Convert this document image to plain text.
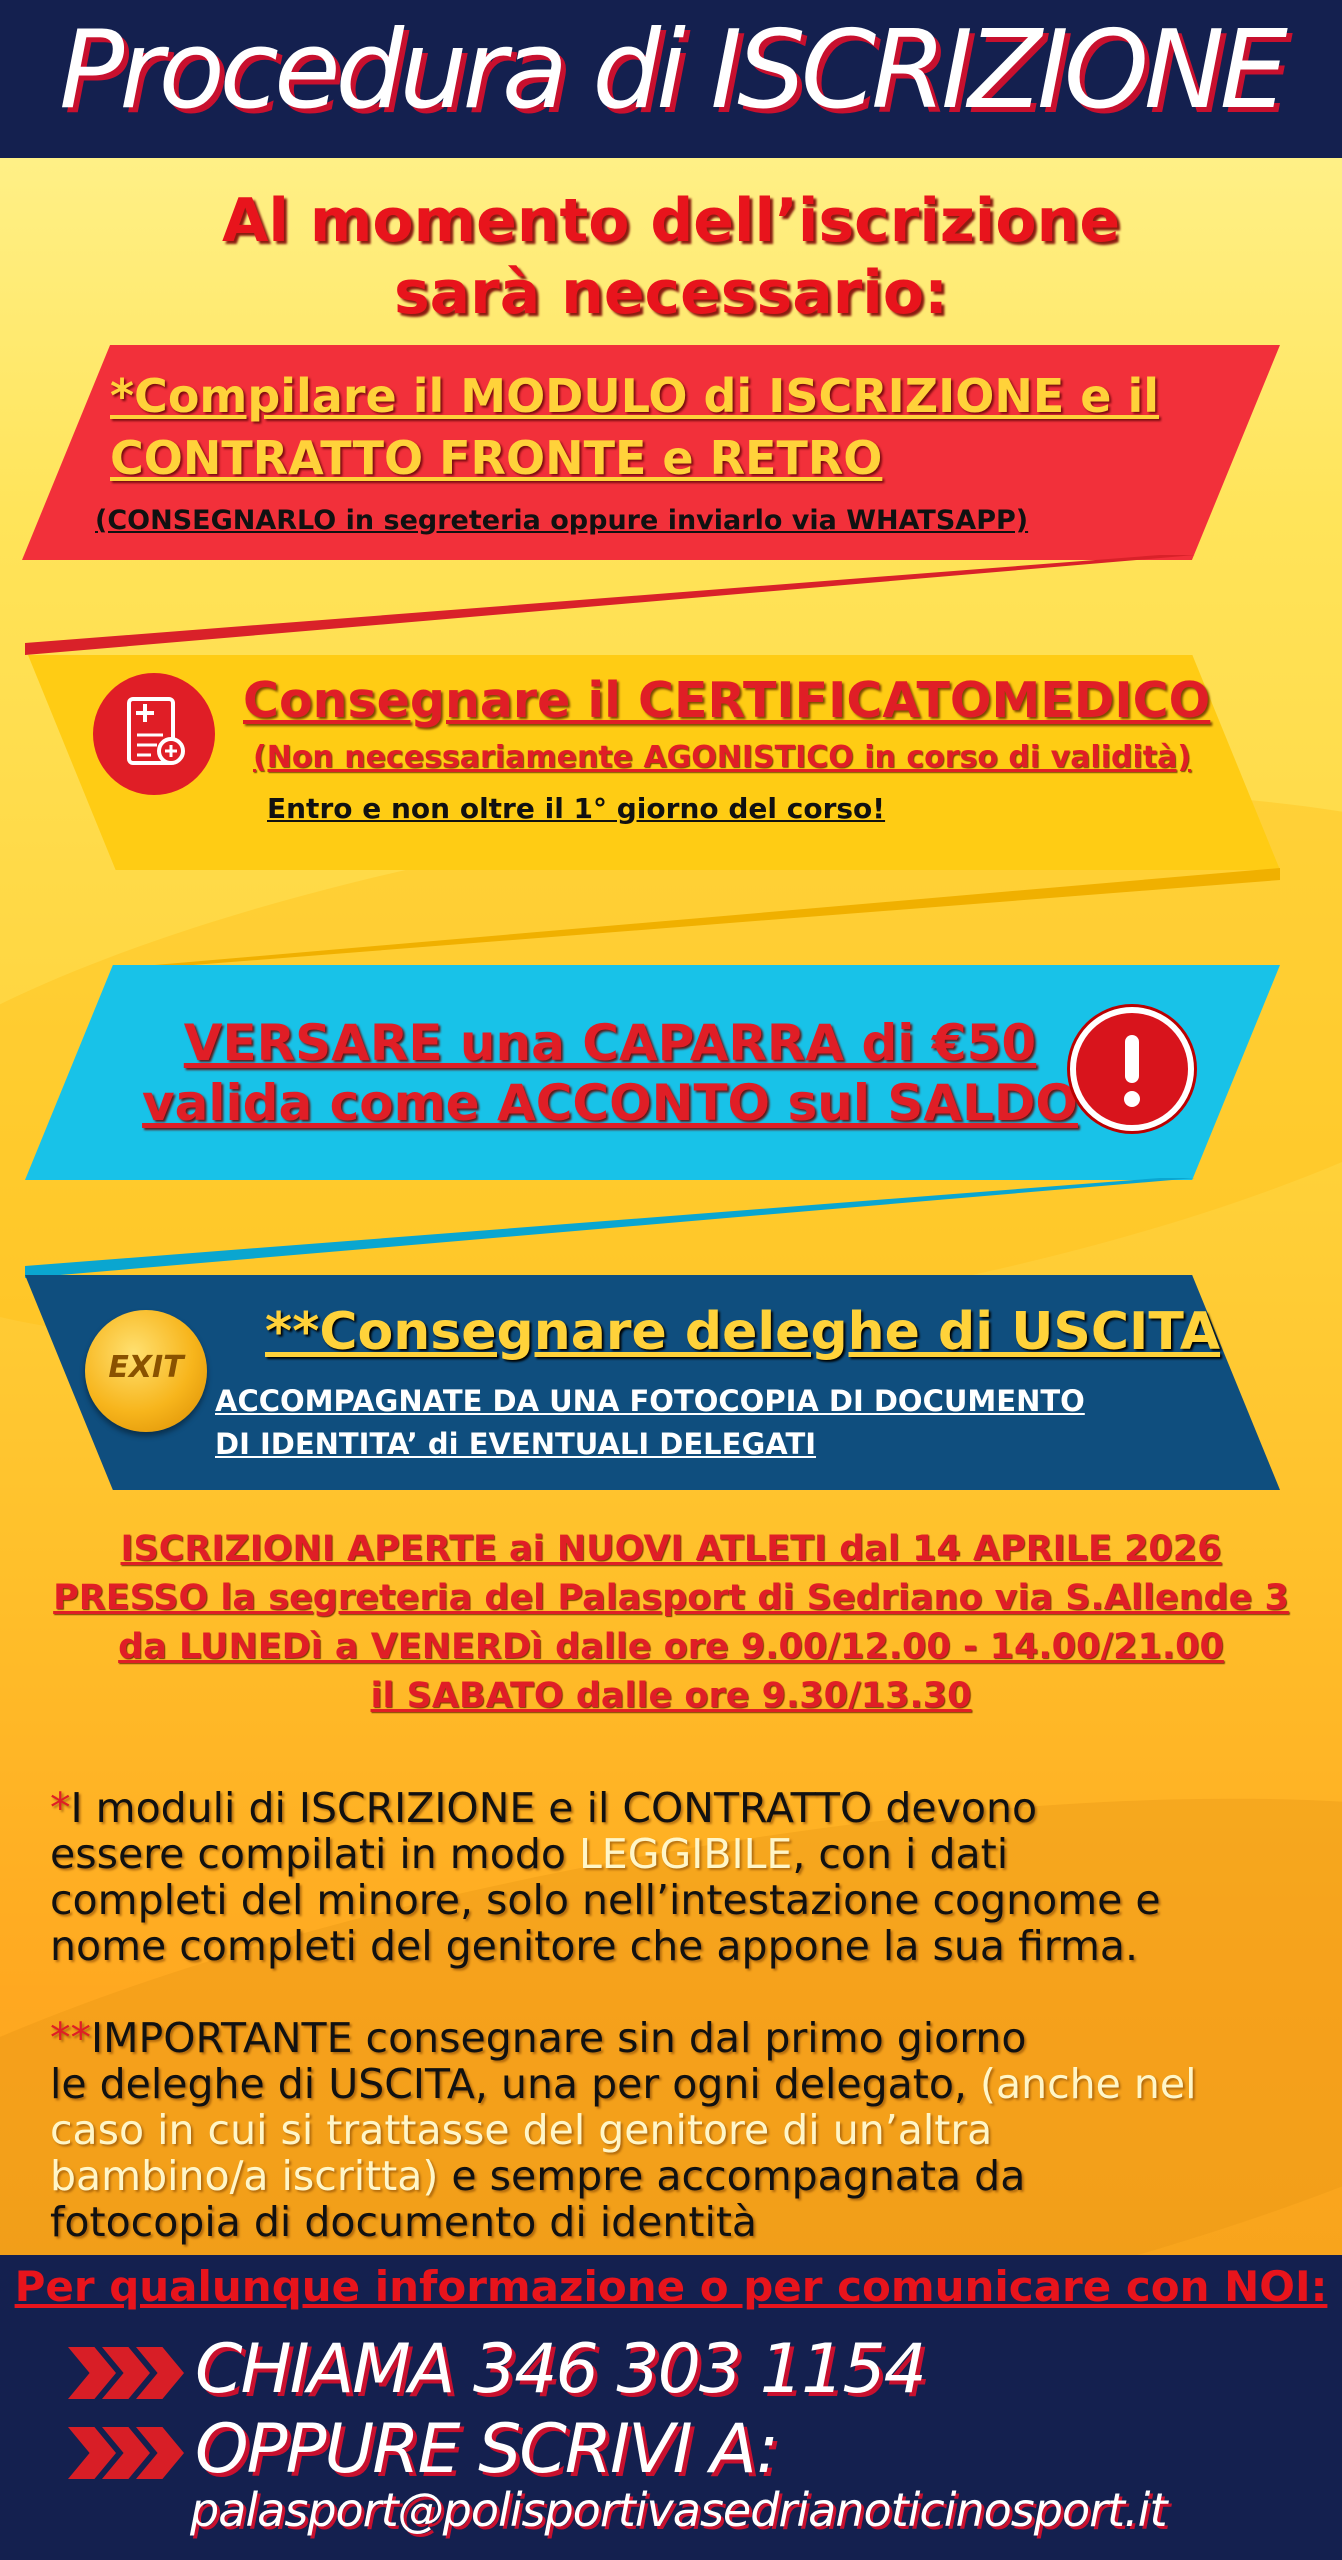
Procedura di ISCRIZIONE
Al momento dell’iscrizione
sarà necessario:
*Compilare il MODULO di ISCRIZIONE e il
CONTRATTO FRONTE e RETRO
(CONSEGNARLO in segreteria oppure inviarlo via WHATSAPP)
Consegnare il CERTIFICATOMEDICO
(Non necessariamente AGONISTICO in corso di validità)
Entro e non oltre il 1° giorno del corso!
VERSARE una CAPARRA di €50
valida come ACCONTO sul SALDO
EXIT
**Consegnare deleghe di USCITA
ACCOMPAGNATE DA UNA FOTOCOPIA DI DOCUMENTO
DI IDENTITA’ di EVENTUALI DELEGATI
ISCRIZIONI APERTE ai NUOVI ATLETI dal 14 APRILE 2026
PRESSO la segreteria del Palasport di Sedriano via S.Allende 3
da LUNEDì a VENERDì dalle ore 9.00/12.00 - 14.00/21.00
il SABATO dalle ore 9.30/13.30

*I moduli di ISCRIZIONE e il CONTRATTO devono

essere compilati in modo LEGGIBILE, con i dati

completi del minore, solo nell’intestazione cognome e

nome completi del genitore che appone la sua firma.

**IMPORTANTE consegnare sin dal primo giorno

le deleghe di USCITA, una per ogni delegato, (anche nel

caso in cui si trattasse del genitore di un’altra

bambino/a iscritta) e sempre accompagnata da

fotocopia di documento di identità

Per qualunque informazione o per comunicare con NOI:
CHIAMA 346 303 1154
OPPURE SCRIVI A:
palasport@polisportivasedrianoticinosport.it
